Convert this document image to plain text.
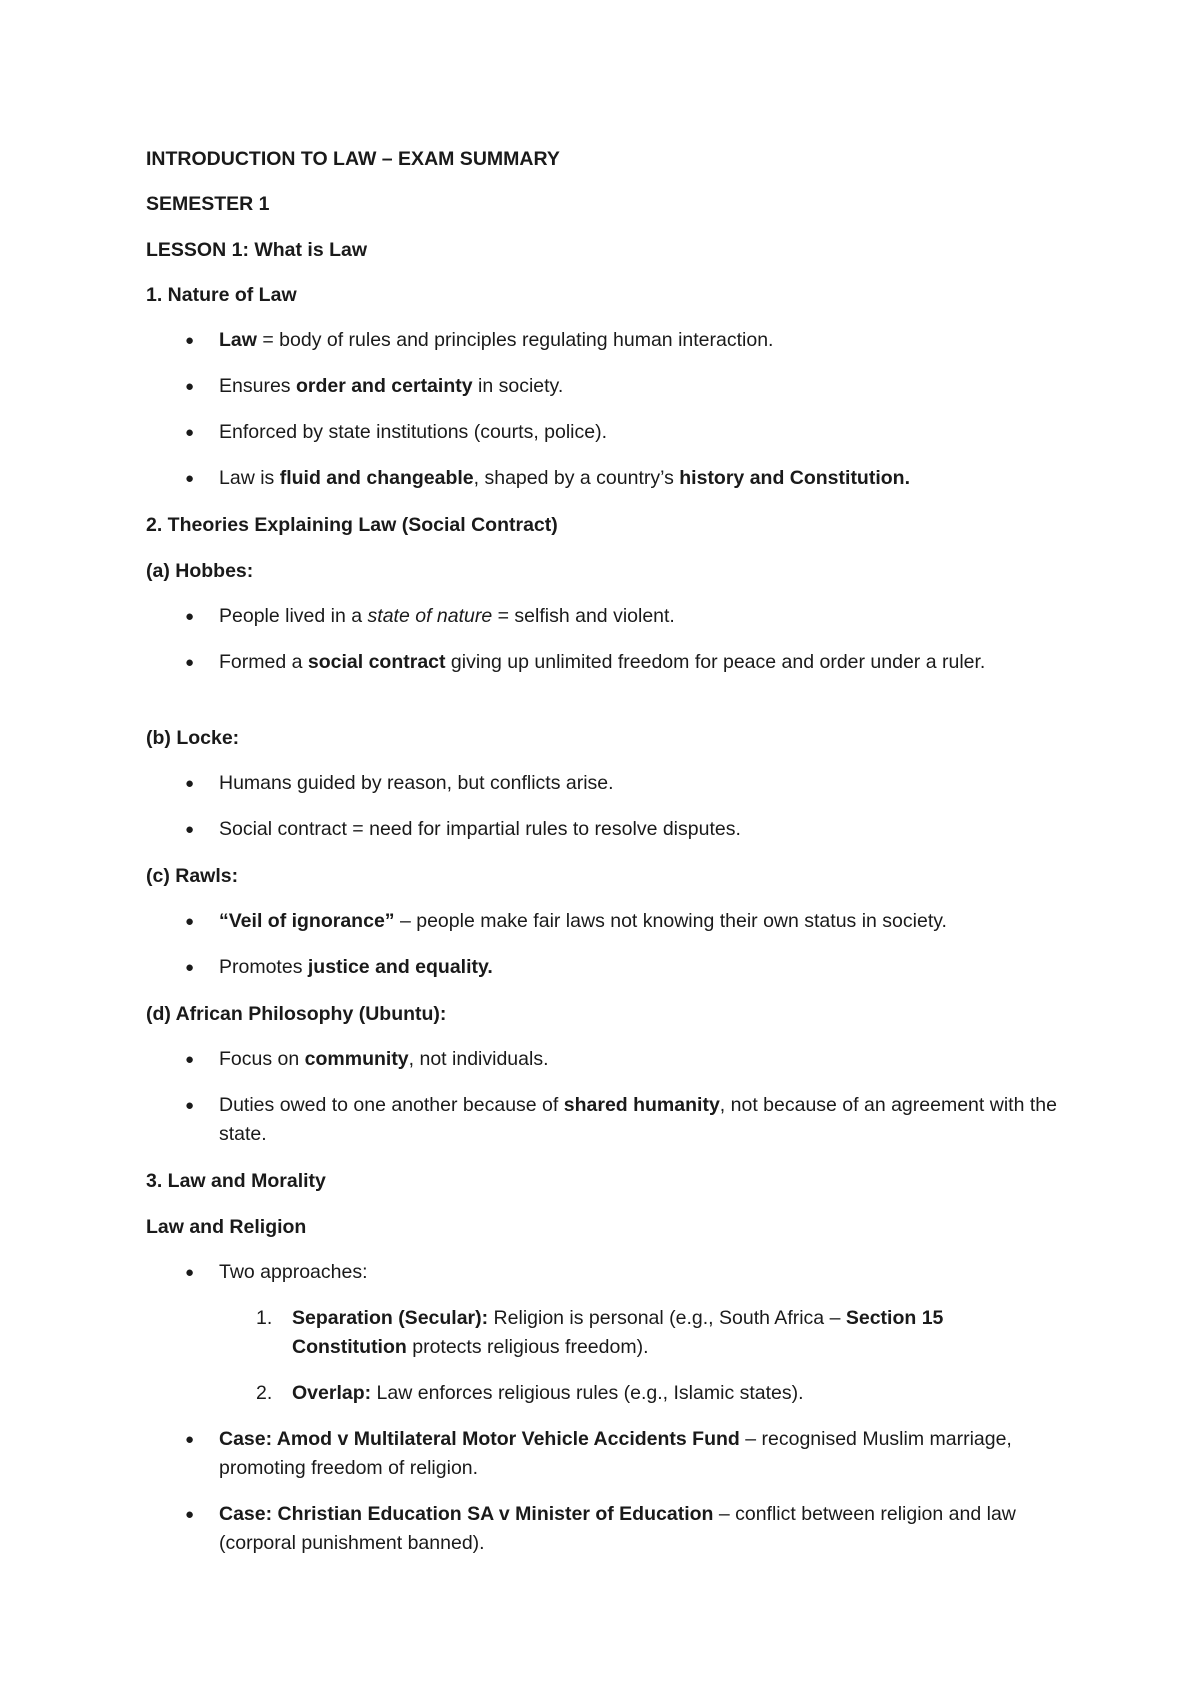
INTRODUCTION TO LAW – EXAM SUMMARY
SEMESTER 1
LESSON 1: What is Law
1. Nature of Law
● Law = body of rules and principles regulating human interaction.

● Ensures order and certainty in society.

● Enforced by state institutions (courts, police).

● Law is fluid and changeable, shaped by a country’s history and Constitution.

2. Theories Explaining Law (Social Contract)
(a) Hobbes:
● People lived in a state of nature = selfish and violent.

● Formed a social contract giving up unlimited freedom for peace and order under a ruler.

(b) Locke:
● Humans guided by reason, but conflicts arise.

● Social contract = need for impartial rules to resolve disputes.

(c) Rawls:
● “Veil of ignorance” – people make fair laws not knowing their own status in society.

● Promotes justice and equality.

(d) African Philosophy (Ubuntu):
● Focus on community, not individuals.

● Duties owed to one another because of shared humanity, not because of an agreement with the state.

3. Law and Morality
Law and Religion
● Two approaches:

1. Separation (Secular): Religion is personal (e.g., South Africa – Section 15 Constitution protects religious freedom).

2. Overlap: Law enforces religious rules (e.g., Islamic states).

● Case: Amod v Multilateral Motor Vehicle Accidents Fund – recognised Muslim marriage, promoting freedom of religion.

● Case: Christian Education SA v Minister of Education – conflict between religion and law (corporal punishment banned).
